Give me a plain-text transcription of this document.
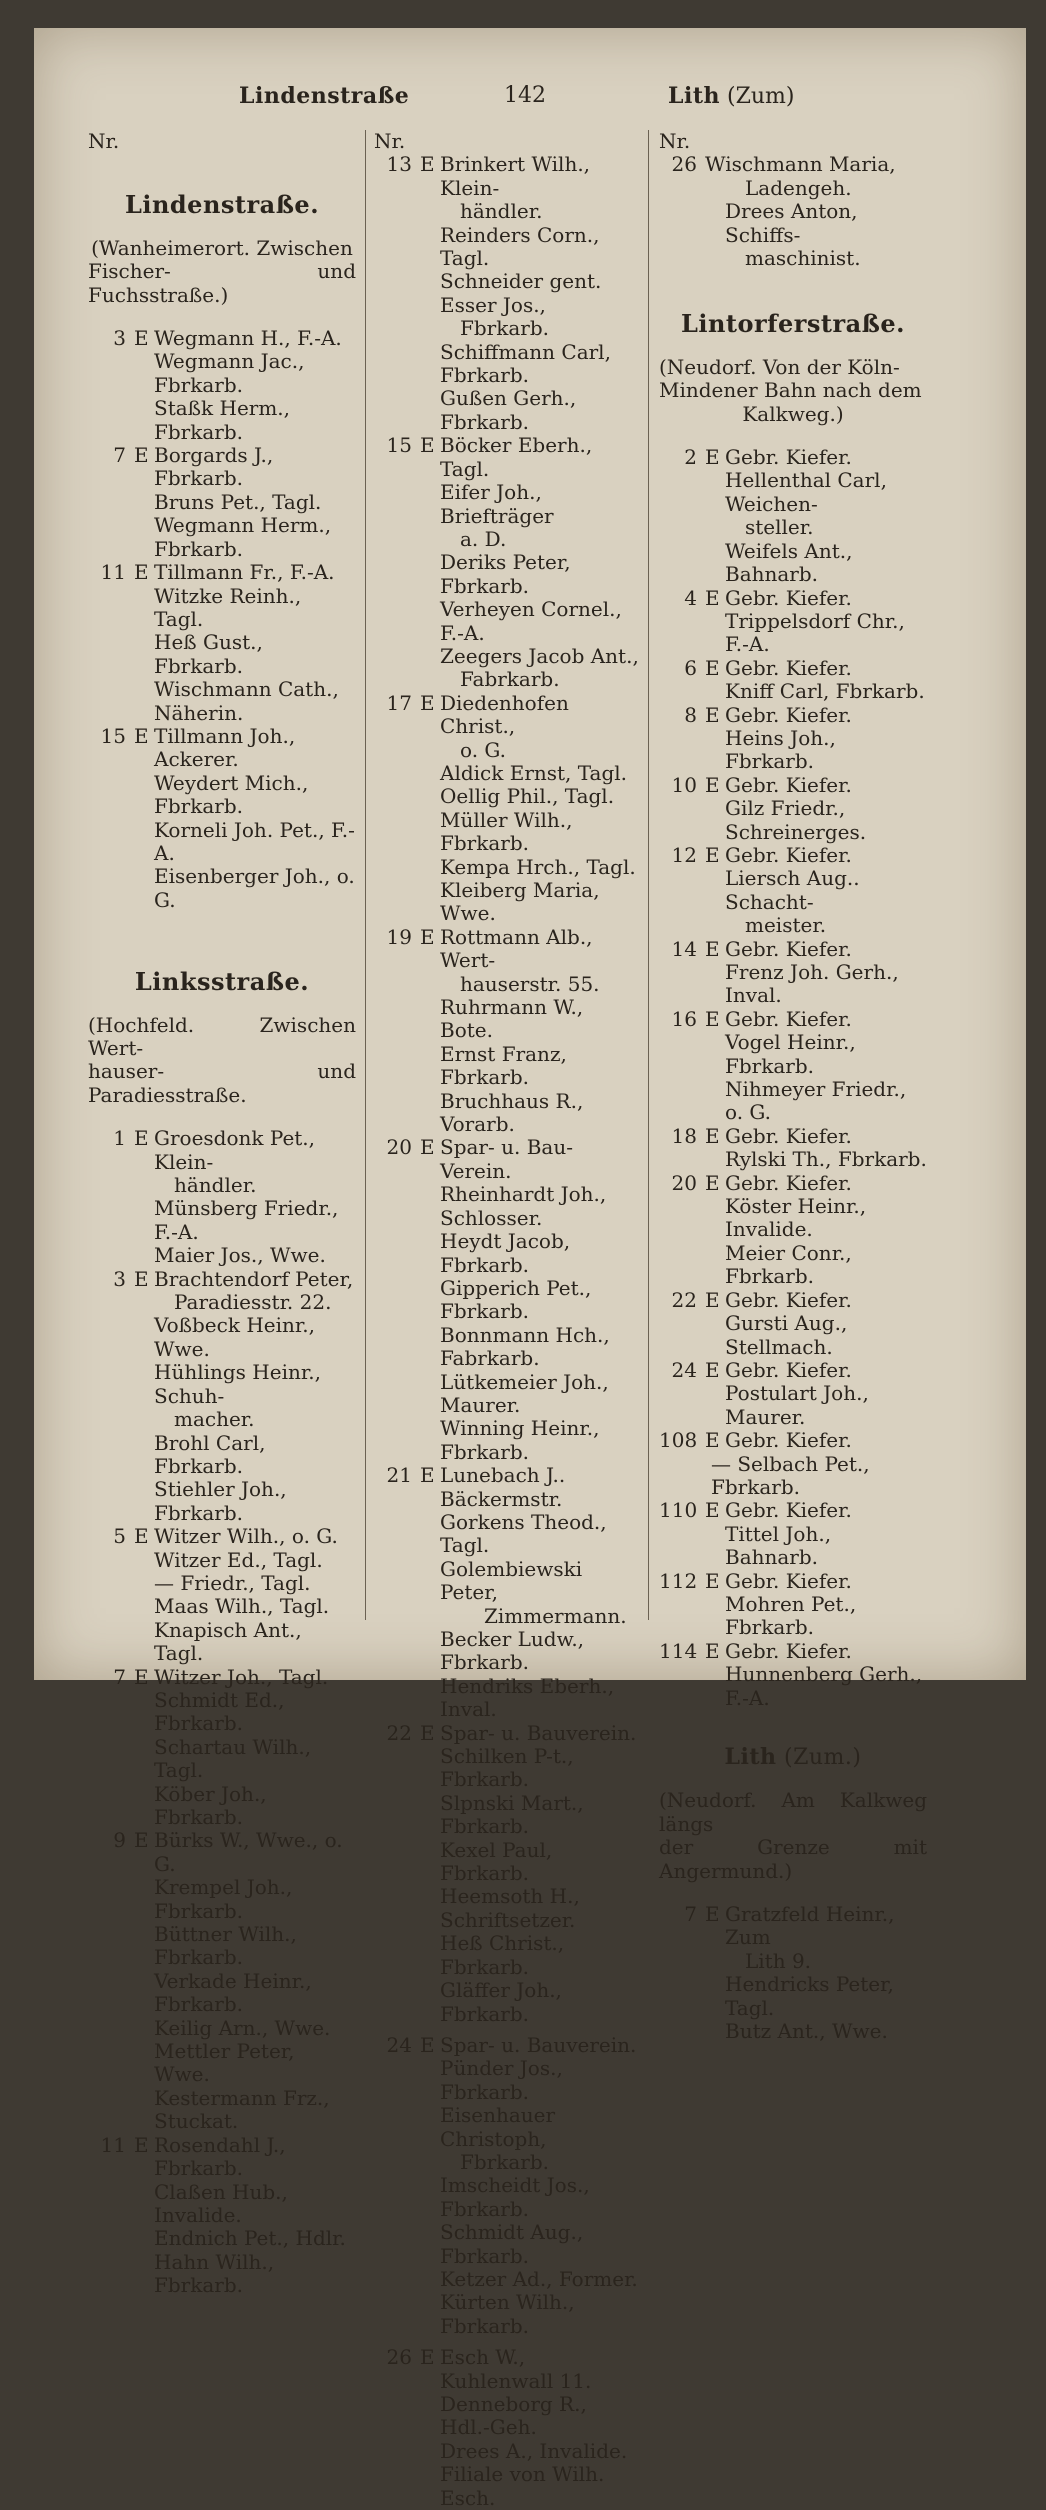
Lindenstraße	142	Lith (Zum)
Nr.
Lindenstraße.
(Wanheimerort. Zwischen
Fischer- und Fuchsstraße.)
3 E Wegmann H., F.-A.
Wegmann Jac., Fbrkarb.
Staßk Herm., Fbrkarb.
7 E Borgards J., Fbrkarb.
Bruns Pet., Tagl.
Wegmann Herm., Fbrkarb.
11 E Tillmann Fr., F.-A.
Witzke Reinh., Tagl.
Heß Gust., Fbrkarb.
Wischmann Cath., Näherin.
15 E Tillmann Joh., Ackerer.
Weydert Mich., Fbrkarb.
Korneli Joh. Pet., F.-A.
Eisenberger Joh., o. G.
Linksstraße.
(Hochfeld. Zwischen Wert-
hauser- und Paradiesstraße.
1 E Groesdonk Pet., Klein-
händler.
Münsberg Friedr., F.-A.
Maier Jos., Wwe.
3 E Brachtendorf Peter,
Paradiesstr. 22.
Voßbeck Heinr., Wwe.
Hühlings Heinr., Schuh-
macher.
Brohl Carl, Fbrkarb.
Stiehler Joh., Fbrkarb.
5 E Witzer Wilh., o. G.
Witzer Ed., Tagl.
— Friedr., Tagl.
Maas Wilh., Tagl.
Knapisch Ant., Tagl.
7 E Witzer Joh., Tagl.
Schmidt Ed., Fbrkarb.
Schartau Wilh., Tagl.
Köber Joh., Fbrkarb.
9 E Bürks W., Wwe., o. G.
Krempel Joh., Fbrkarb.
Büttner Wilh., Fbrkarb.
Verkade Heinr., Fbrkarb.
Keilig Arn., Wwe.
Mettler Peter, Wwe.
Kestermann Frz., Stuckat.
11 E Rosendahl J., Fbrkarb.
Claßen Hub., Invalide.
Endnich Pet., Hdlr.
Hahn Wilh., Fbrkarb.
Nr.
13 E Brinkert Wilh., Klein-
händler.
Reinders Corn., Tagl.
Schneider gent. Esser Jos.,
Fbrkarb.
Schiffmann Carl, Fbrkarb.
Gußen Gerh., Fbrkarb.
15 E Böcker Eberh., Tagl.
Eifer Joh., Briefträger
a. D.
Deriks Peter, Fbrkarb.
Verheyen Cornel., F.-A.
Zeegers Jacob Ant.,
Fabrkarb.
17 E Diedenhofen Christ.,
o. G.
Aldick Ernst, Tagl.
Oellig Phil., Tagl.
Müller Wilh., Fbrkarb.
Kempa Hrch., Tagl.
Kleiberg Maria, Wwe.
19 E Rottmann Alb., Wert-
hauserstr. 55.
Ruhrmann W., Bote.
Ernst Franz, Fbrkarb.
Bruchhaus R., Vorarb.
20 E Spar- u. Bau-Verein.
Rheinhardt Joh., Schlosser.
Heydt Jacob, Fbrkarb.
Gipperich Pet., Fbrkarb.
Bonnmann Hch., Fabrkarb.
Lütkemeier Joh., Maurer.
Winning Heinr., Fbrkarb.
21 E Lunebach J.. Bäckermstr.
Gorkens Theod., Tagl.
Golembiewski Peter,
Zimmermann.
Becker Ludw., Fbrkarb.
Hendriks Eberh., Inval.
22 E Spar- u. Bauverein.
Schilken P-t., Fbrkarb.
Slpnski Mart., Fbrkarb.
Kexel Paul, Fbrkarb.
Heemsoth H., Schriftsetzer.
Heß Christ., Fbrkarb.
Gläffer Joh., Fbrkarb.
24 E Spar- u. Bauverein.
Pünder Jos., Fbrkarb.
Eisenhauer Christoph,
Fbrkarb.
Imscheidt Jos., Fbrkarb.
Schmidt Aug., Fbrkarb.
Ketzer Ad., Former.
Kürten Wilh., Fbrkarb.
26 E Esch W., Kuhlenwall 11.
Denneborg R., Hdl.-Geh.
Drees A., Invalide.
Filiale von Wilh. Esch.
Nr.
26 Wischmann Maria,
Ladengeh.
Drees Anton, Schiffs-
maschinist.
Lintorferstraße.
(Neudorf. Von der Köln-
Mindener Bahn nach dem

Kalkweg.)
2 E Gebr. Kiefer.
Hellenthal Carl, Weichen-
steller.
Weifels Ant., Bahnarb.
4 E Gebr. Kiefer.
Trippelsdorf Chr., F.-A.
6 E Gebr. Kiefer.
Kniff Carl, Fbrkarb.
8 E Gebr. Kiefer.
Heins Joh., Fbrkarb.
10 E Gebr. Kiefer.
Gilz Friedr., Schreinerges.
12 E Gebr. Kiefer.
Liersch Aug.. Schacht-
meister.
14 E Gebr. Kiefer.
Frenz Joh. Gerh., Inval.
16 E Gebr. Kiefer.
Vogel Heinr., Fbrkarb.
Nihmeyer Friedr., o. G.
18 E Gebr. Kiefer.
Rylski Th., Fbrkarb.
20 E Gebr. Kiefer.
Köster Heinr., Invalide.
Meier Conr., Fbrkarb.
22 E Gebr. Kiefer.
Gursti Aug., Stellmach.
24 E Gebr. Kiefer.
Postulart Joh., Maurer.
108 E Gebr. Kiefer.
— Selbach Pet., Fbrkarb.
110 E Gebr. Kiefer.
Tittel Joh., Bahnarb.
112 E Gebr. Kiefer.
Mohren Pet., Fbrkarb.
114 E Gebr. Kiefer.
Hunnenberg Gerh., F.-A.
Lith (Zum.)
(Neudorf. Am Kalkweg längs
der Grenze mit Angermund.)
7 E Gratzfeld Heinr., Zum
Lith 9.
Hendricks Peter, Tagl.
Butz Ant., Wwe.
